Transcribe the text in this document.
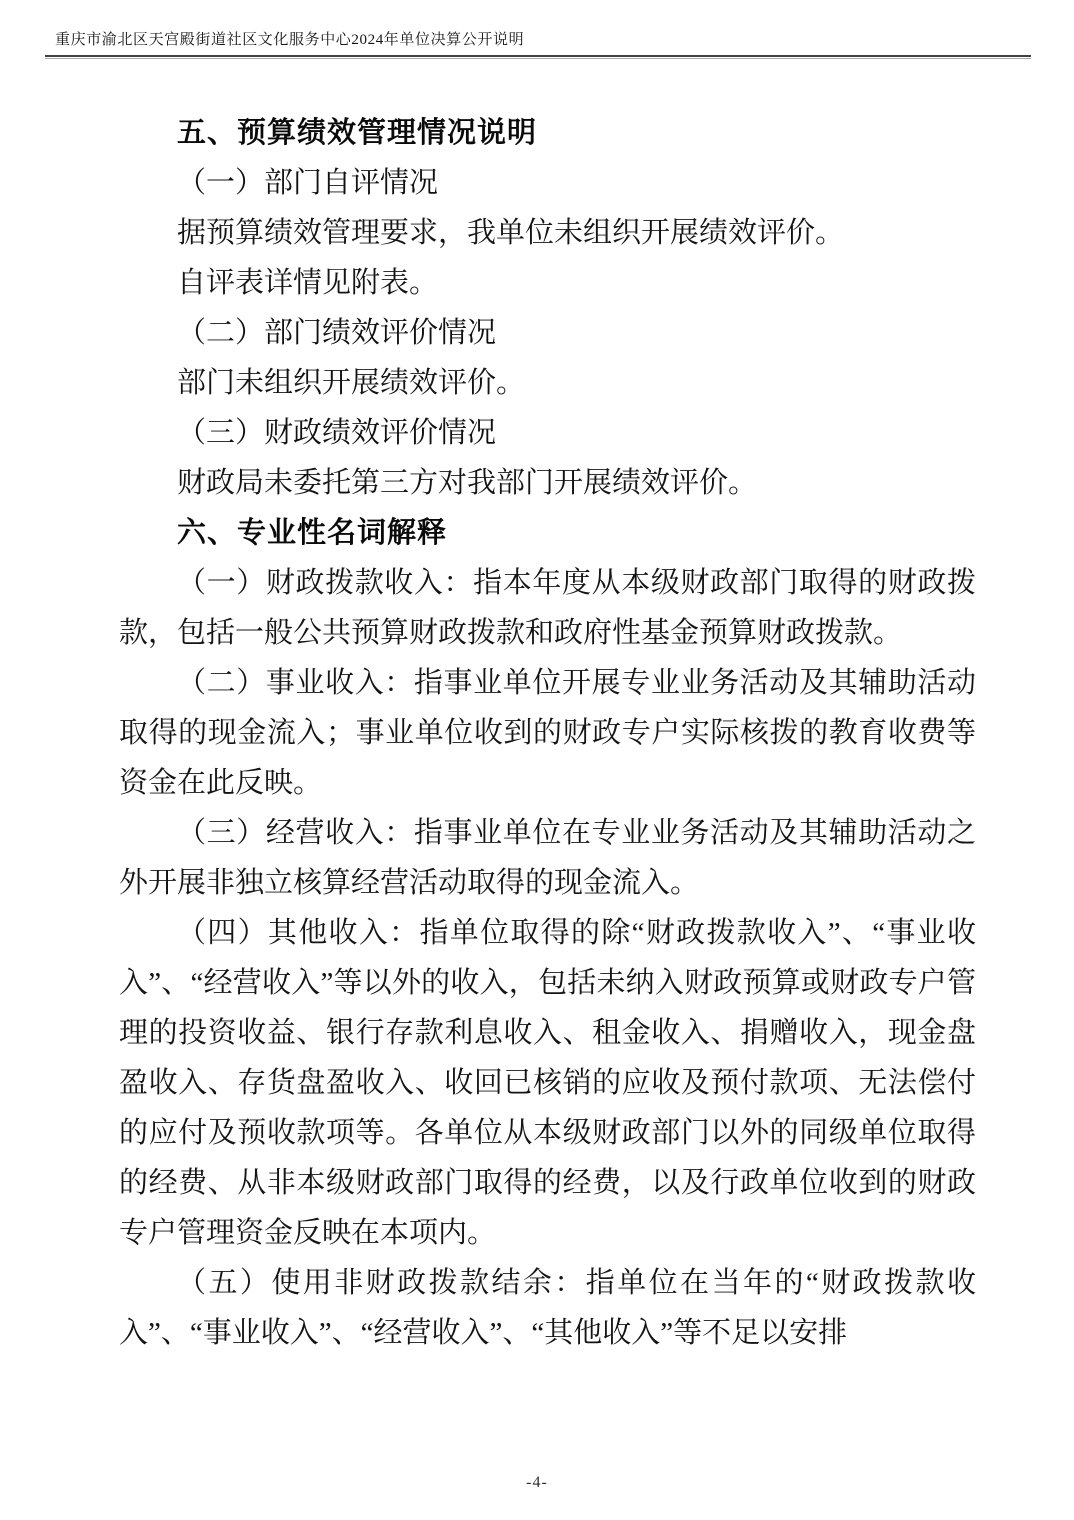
重庆市渝北区天宫殿街道社区文化服务中心2024年单位决算公开说明

五、预算绩效管理情况说明

（一）部门自评情况

据预算绩效管理要求，我单位未组织开展绩效评价。

自评表详情见附表。

（二）部门绩效评价情况

部门未组织开展绩效评价。

（三）财政绩效评价情况

财政局未委托第三方对我部门开展绩效评价。

六、专业性名词解释

（一）财政拨款收入：指本年度从本级财政部门取得的财政拨款，包括一般公共预算财政拨款和政府性基金预算财政拨款。

（二）事业收入：指事业单位开展专业业务活动及其辅助活动取得的现金流入；事业单位收到的财政专户实际核拨的教育收费等资金在此反映。

（三）经营收入：指事业单位在专业业务活动及其辅助活动之外开展非独立核算经营活动取得的现金流入。

（四）其他收入：指单位取得的除“财政拨款收入”、“事业收入”、“经营收入”等以外的收入，包括未纳入财政预算或财政专户管理的投资收益、银行存款利息收入、租金收入、捐赠收入，现金盘盈收入、存货盘盈收入、收回已核销的应收及预付款项、无法偿付的应付及预收款项等。各单位从本级财政部门以外的同级单位取得的经费、从非本级财政部门取得的经费，以及行政单位收到的财政专户管理资金反映在本项内。

（五）使用非财政拨款结余：指单位在当年的“财政拨款收入”、“事业收入”、“经营收入”、“其他收入”等不足以安排

-4-
